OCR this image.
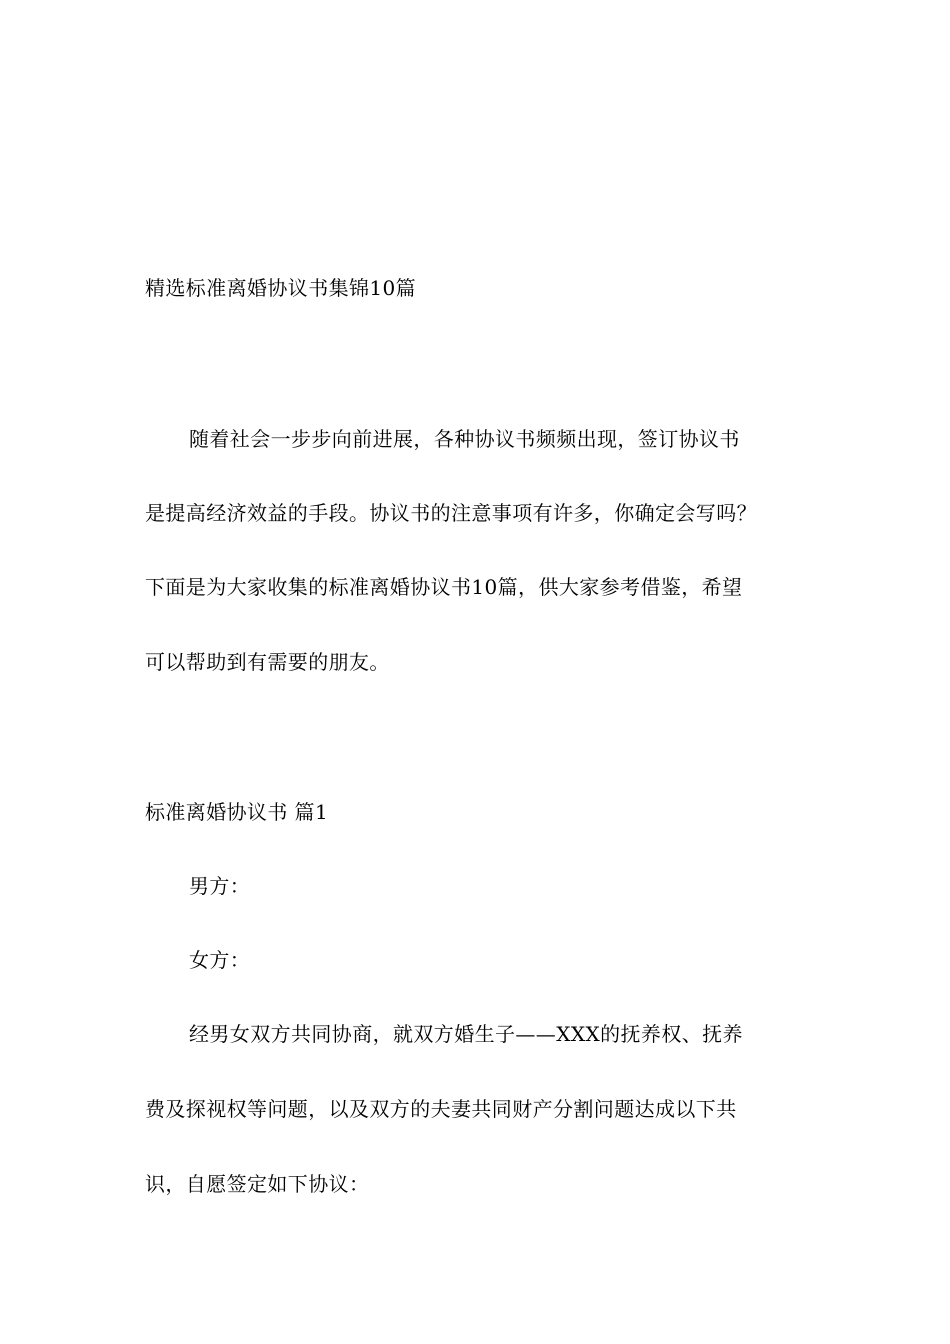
精选标准离婚协议书集锦10篇
随着社会一步步向前进展，各种协议书频频出现，签订协议书
是提高经济效益的手段。协议书的注意事项有许多，你确定会写吗？
下面是为大家收集的标准离婚协议书10篇，供大家参考借鉴，希望
可以帮助到有需要的朋友。
标准离婚协议书 篇1
男方：
女方：
经男女双方共同协商，就双方婚生子——XXX的抚养权、抚养
费及探视权等问题，以及双方的夫妻共同财产分割问题达成以下共
识，自愿签定如下协议：
